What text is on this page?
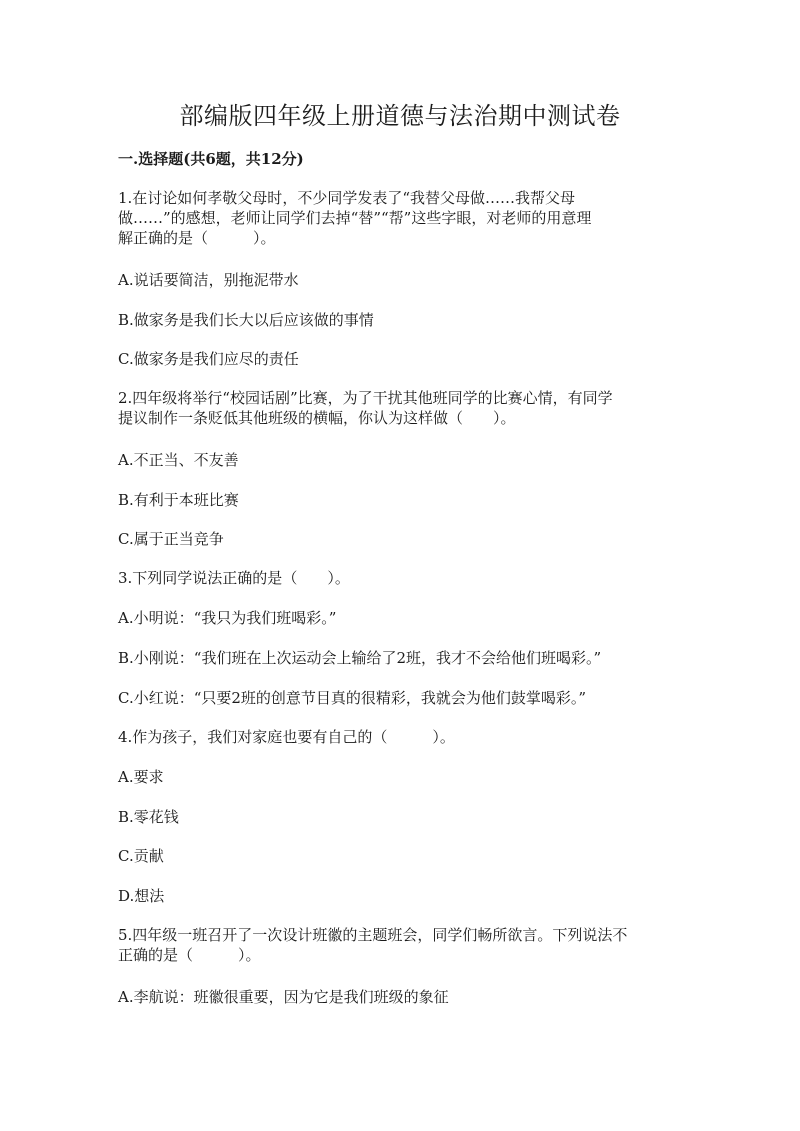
部编版四年级上册道德与法治期中测试卷
一.选择题(共6题，共12分)
1.在讨论如何孝敬父母时，不少同学发表了“我替父母做……我帮父母
做……”的感想，老师让同学们去掉“替”“帮”这些字眼，对老师的用意理
解正确的是（　　　）。
A.说话要简洁，别拖泥带水
B.做家务是我们长大以后应该做的事情
C.做家务是我们应尽的责任
2.四年级将举行“校园话剧”比赛，为了干扰其他班同学的比赛心情，有同学
提议制作一条贬低其他班级的横幅，你认为这样做（　　）。
A.不正当、不友善
B.有利于本班比赛
C.属于正当竞争
3.下列同学说法正确的是（　　）。
A.小明说：“我只为我们班喝彩。”
B.小刚说：“我们班在上次运动会上输给了2班，我才不会给他们班喝彩。”
C.小红说：“只要2班的创意节目真的很精彩，我就会为他们鼓掌喝彩。”
4.作为孩子，我们对家庭也要有自己的（　　　）。
A.要求
B.零花钱
C.贡献
D.想法
5.四年级一班召开了一次设计班徽的主题班会，同学们畅所欲言。下列说法不
正确的是（　　　）。
A.李航说：班徽很重要，因为它是我们班级的象征
